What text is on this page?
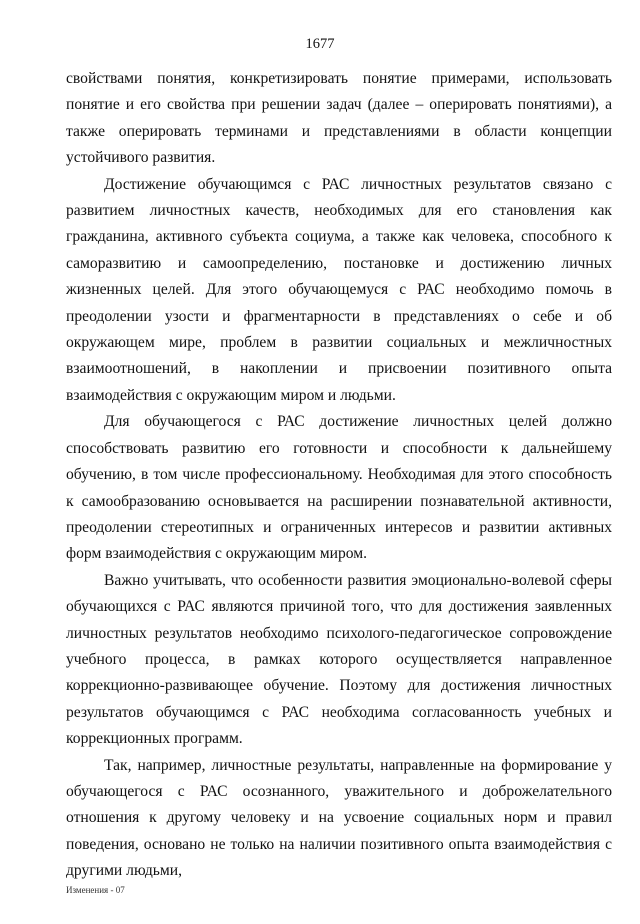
1677

свойствами понятия, конкретизировать понятие примерами, использовать понятие и его свойства при решении задач (далее – оперировать понятиями), а также оперировать терминами и представлениями в области концепции устойчивого развития.

Достижение обучающимся с РАС личностных результатов связано с развитием личностных качеств, необходимых для его становления как гражданина, активного субъекта социума, а также как человека, способного к саморазвитию и самоопределению, постановке и достижению личных жизненных целей. Для этого обучающемуся с РАС необходимо помочь в преодолении узости и фрагментарности в представлениях о себе и об окружающем мире, проблем в развитии социальных и межличностных взаимоотношений, в накоплении и присвоении позитивного опыта взаимодействия с окружающим миром и людьми.

Для обучающегося с РАС достижение личностных целей должно способствовать развитию его готовности и способности к дальнейшему обучению, в том числе профессиональному. Необходимая для этого способность к самообразованию основывается на расширении познавательной активности, преодолении стереотипных и ограниченных интересов и развитии активных форм взаимодействия с окружающим миром.

Важно учитывать, что особенности развития эмоционально-волевой сферы обучающихся с РАС являются причиной того, что для достижения заявленных личностных результатов необходимо психолого-педагогическое сопровождение учебного процесса, в рамках которого осуществляется направленное коррекционно-развивающее обучение. Поэтому для достижения личностных результатов обучающимся с РАС необходима согласованность учебных и коррекционных программ.

Так, например, личностные результаты, направленные на формирование у обучающегося с РАС осознанного, уважительного и доброжелательного отношения к другому человеку и на усвоение социальных норм и правил поведения, основано не только на наличии позитивного опыта взаимодействия с другими людьми,

Изменения - 07
